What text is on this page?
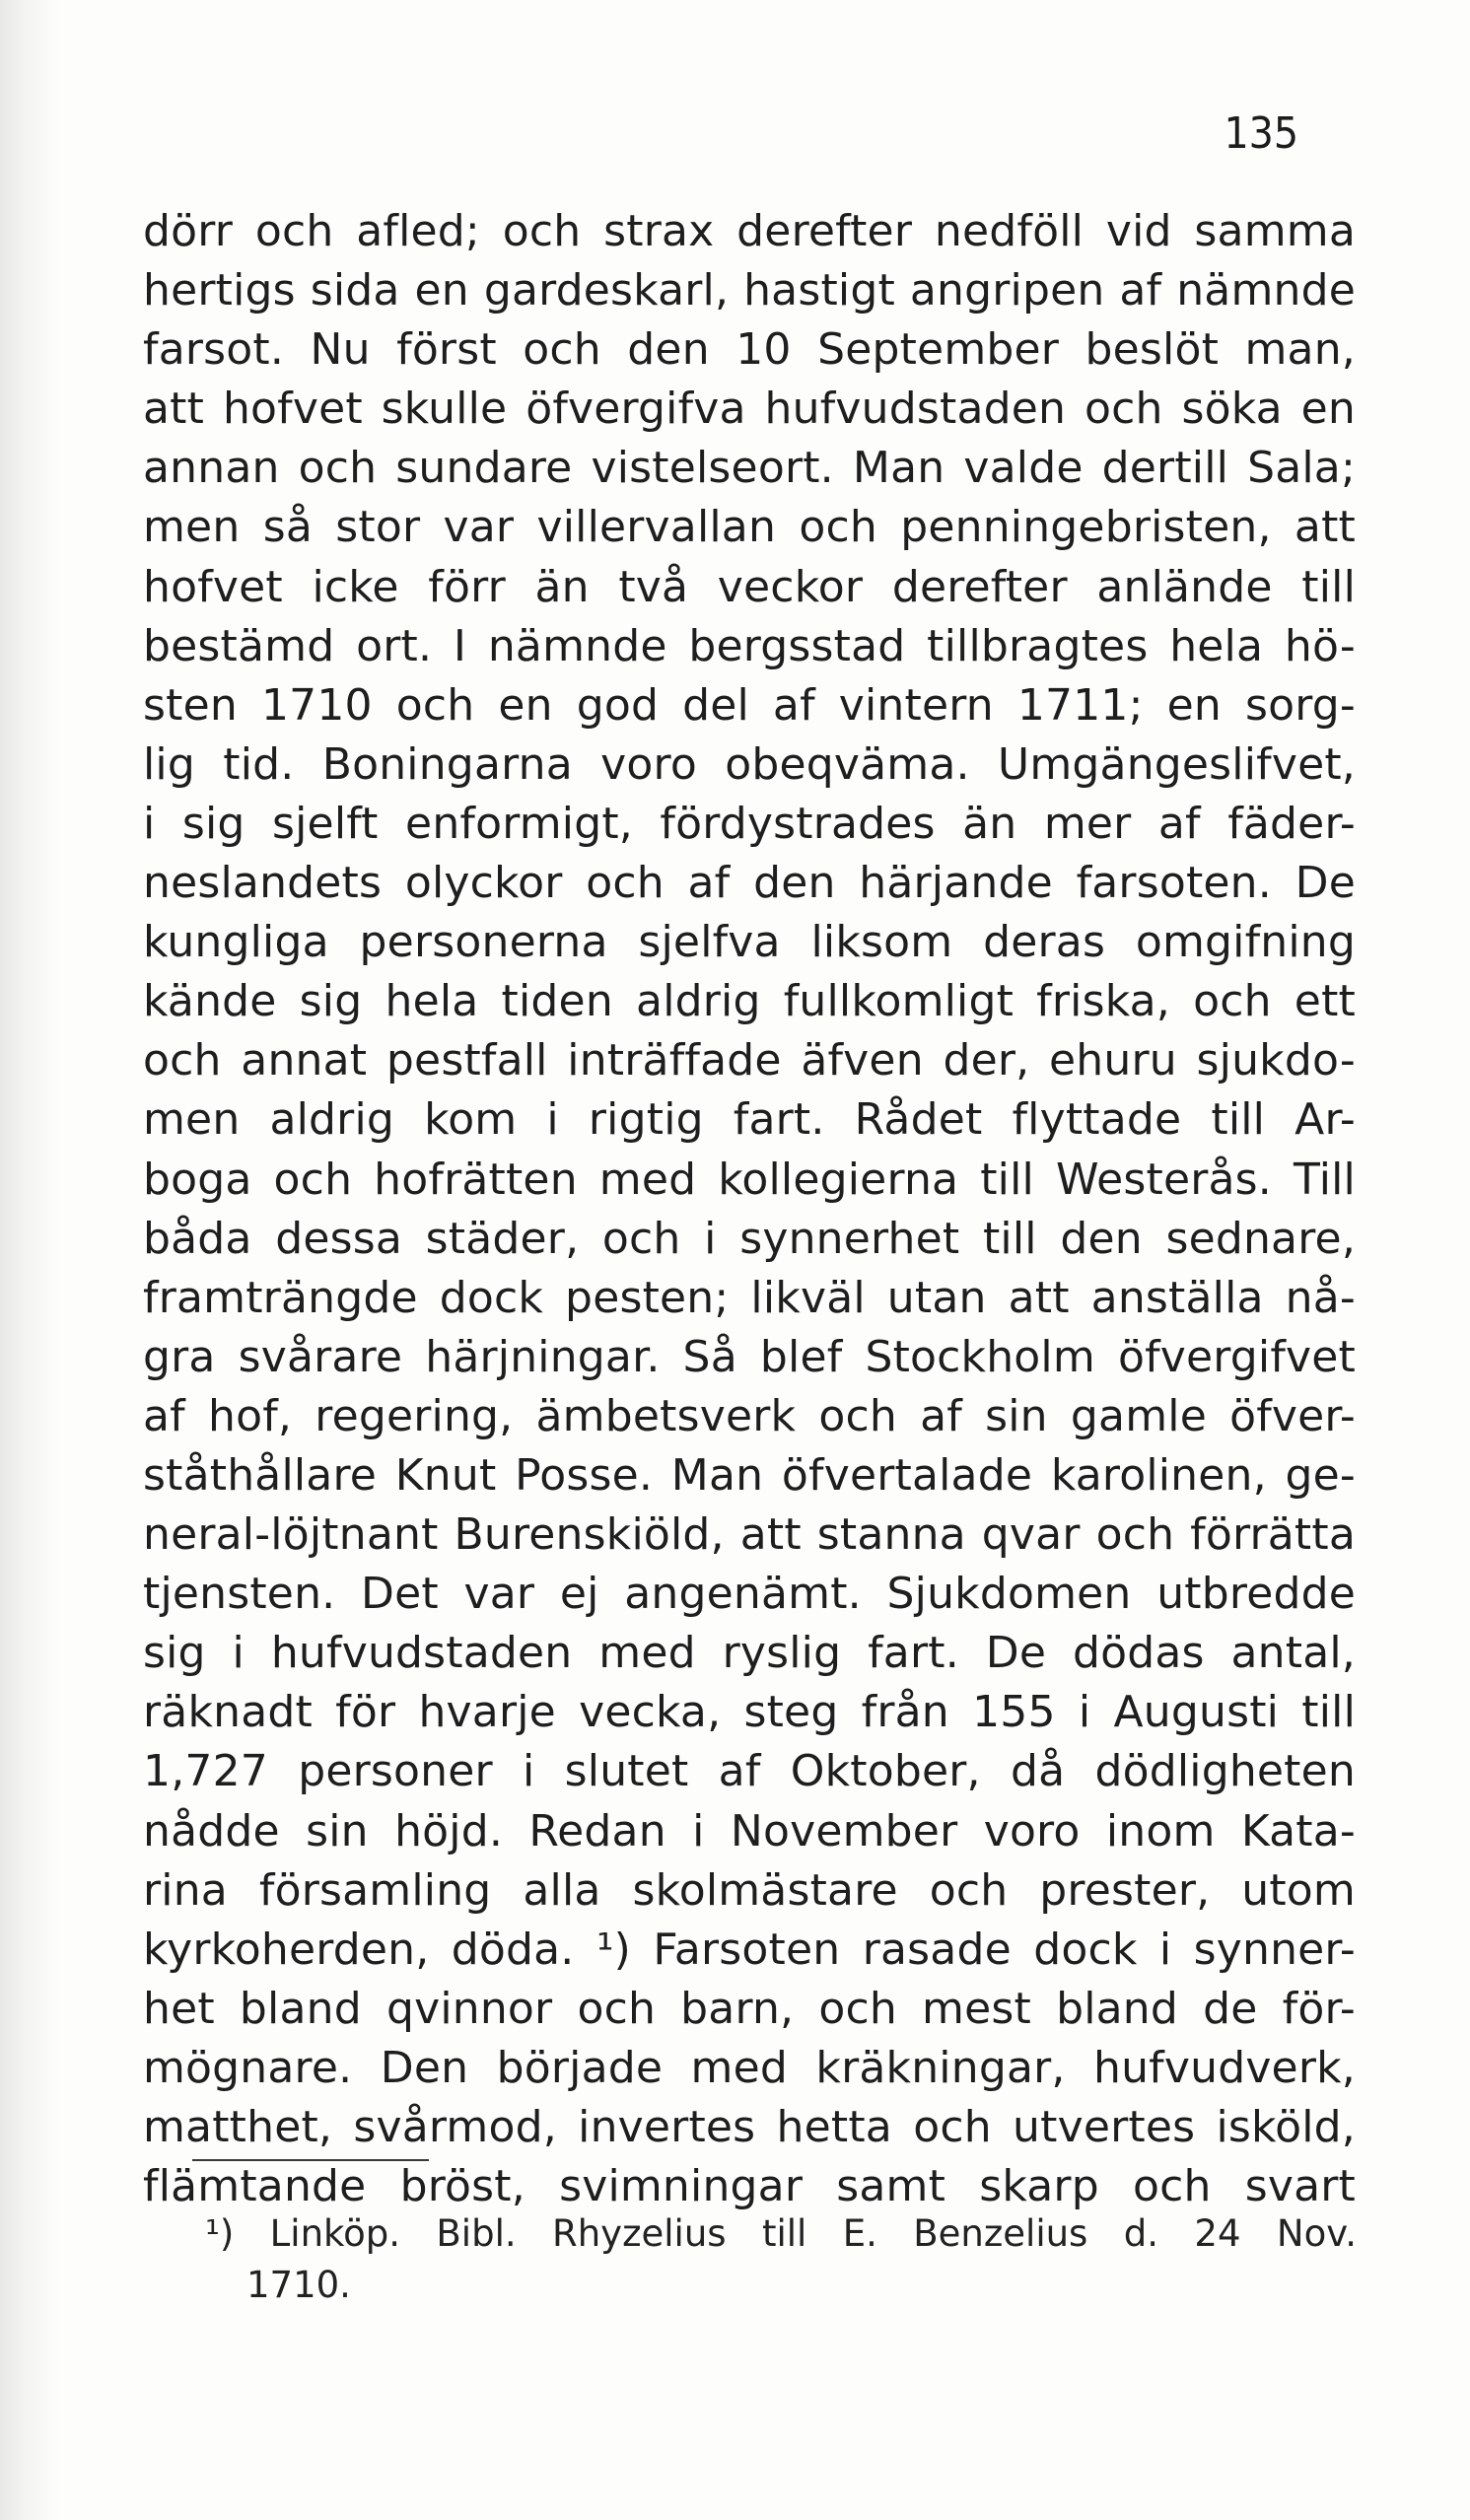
135
dörr och afled; och strax derefter nedföll vid samma
hertigs sida en gardeskarl, hastigt angripen af nämnde
farsot. Nu först och den 10 September beslöt man,
att hofvet skulle öfvergifva hufvudstaden och söka en
annan och sundare vistelseort. Man valde dertill Sala;
men så stor var villervallan och penningebristen, att
hofvet icke förr än två veckor derefter anlände till
bestämd ort. I nämnde bergsstad tillbragtes hela hö-
sten 1710 och en god del af vintern 1711; en sorg-
lig tid. Boningarna voro obeqväma. Umgängeslifvet,
i sig sjelft enformigt, fördystrades än mer af fäder-
neslandets olyckor och af den härjande farsoten. De
kungliga personerna sjelfva liksom deras omgifning
kände sig hela tiden aldrig fullkomligt friska, och ett
och annat pestfall inträffade äfven der, ehuru sjukdo-
men aldrig kom i rigtig fart. Rådet flyttade till Ar-
boga och hofrätten med kollegierna till Westerås. Till
båda dessa städer, och i synnerhet till den sednare,
framträngde dock pesten; likväl utan att anställa nå-
gra svårare härjningar. Så blef Stockholm öfvergifvet
af hof, regering, ämbetsverk och af sin gamle öfver-
ståthållare Knut Posse. Man öfvertalade karolinen, ge-
neral-löjtnant Burenskiöld, att stanna qvar och förrätta
tjensten. Det var ej angenämt. Sjukdomen utbredde
sig i hufvudstaden med ryslig fart. De dödas antal,
räknadt för hvarje vecka, steg från 155 i Augusti till
1,727 personer i slutet af Oktober, då dödligheten
nådde sin höjd. Redan i November voro inom Kata-
rina församling alla skolmästare och prester, utom
kyrkoherden, döda. ¹) Farsoten rasade dock i synner-
het bland qvinnor och barn, och mest bland de för-
mögnare. Den började med kräkningar, hufvudverk,
matthet, svårmod, invertes hetta och utvertes isköld,
flämtande bröst, svimningar samt skarp och svart
¹) Linköp. Bibl. Rhyzelius till E. Benzelius d. 24 Nov.
1710.
